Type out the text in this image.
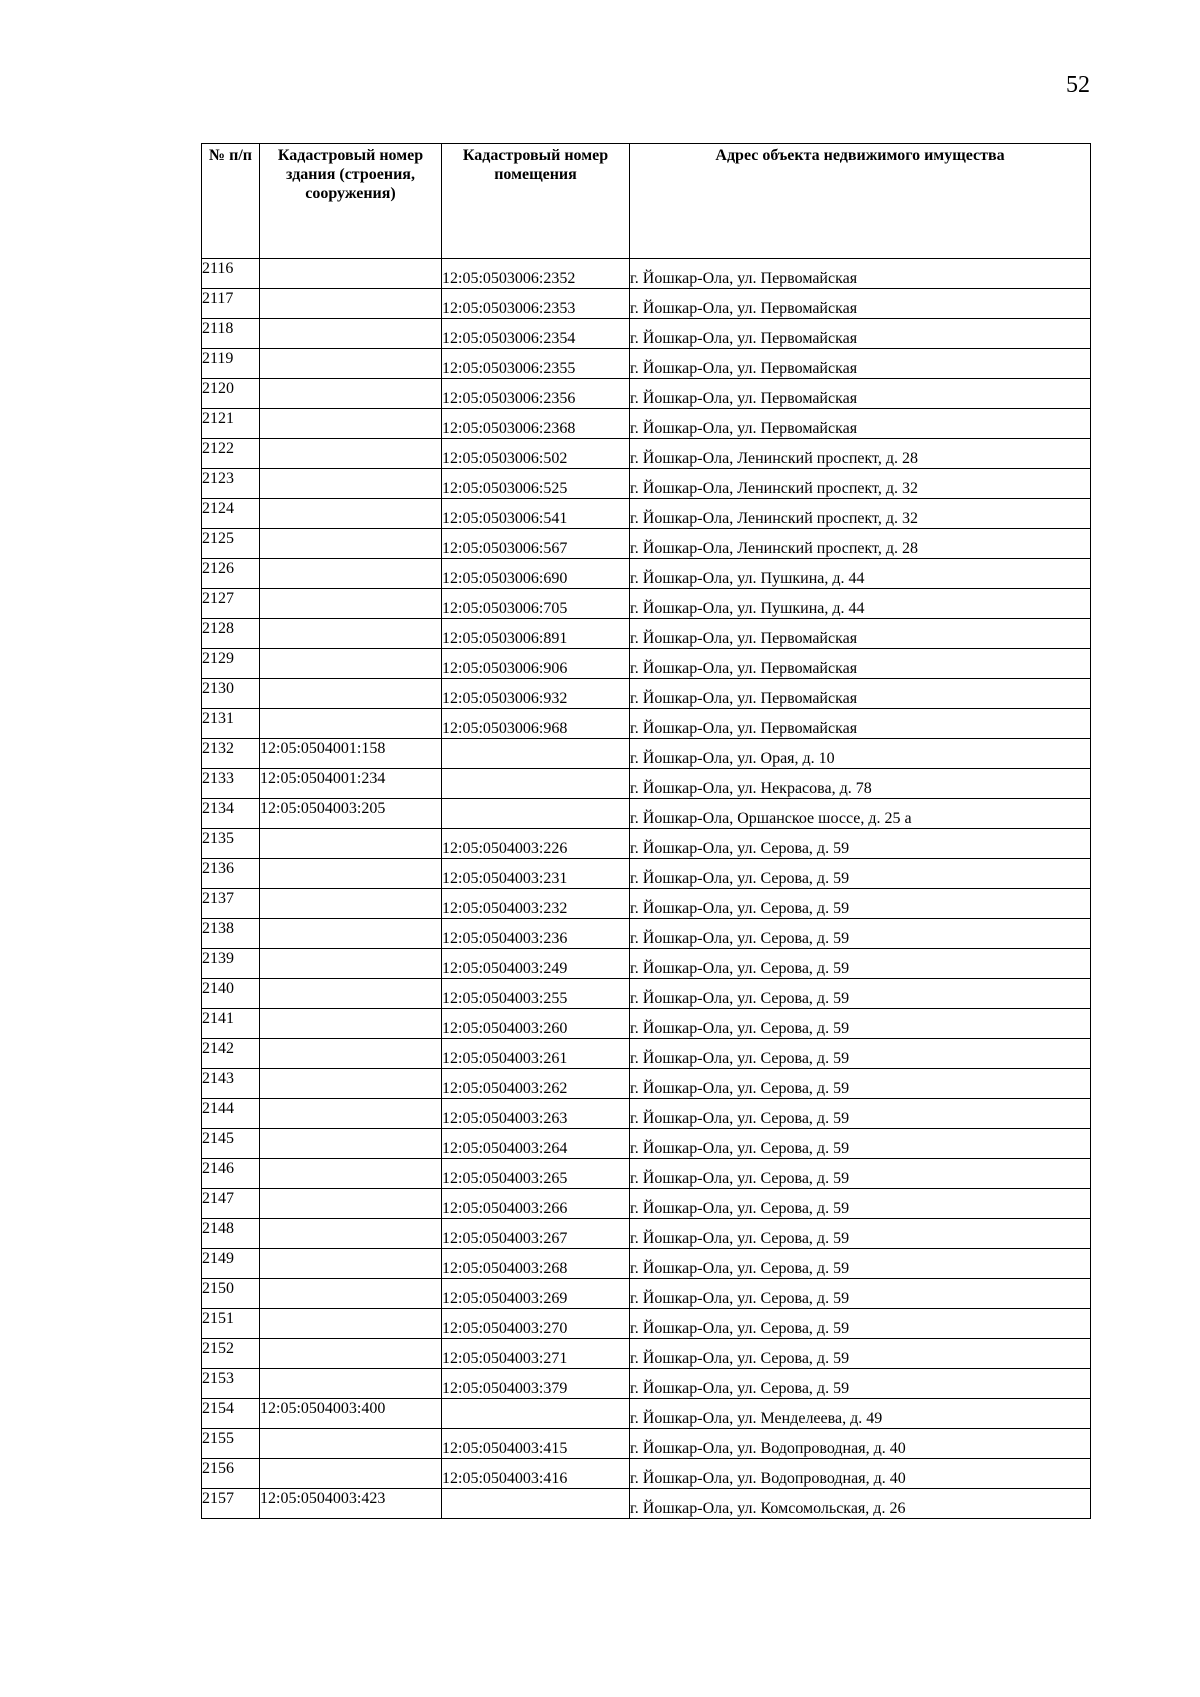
52
№ п/п	Кадастровый номер здания (строения, сооружения)	Кадастровый номер помещения	Адрес объекта недвижимого имущества
2116		12:05:0503006:2352	г. Йошкар-Ола, ул. Первомайская
2117		12:05:0503006:2353	г. Йошкар-Ола, ул. Первомайская
2118		12:05:0503006:2354	г. Йошкар-Ола, ул. Первомайская
2119		12:05:0503006:2355	г. Йошкар-Ола, ул. Первомайская
2120		12:05:0503006:2356	г. Йошкар-Ола, ул. Первомайская
2121		12:05:0503006:2368	г. Йошкар-Ола, ул. Первомайская
2122		12:05:0503006:502	г. Йошкар-Ола, Ленинский проспект, д. 28
2123		12:05:0503006:525	г. Йошкар-Ола, Ленинский проспект, д. 32
2124		12:05:0503006:541	г. Йошкар-Ола, Ленинский проспект, д. 32
2125		12:05:0503006:567	г. Йошкар-Ола, Ленинский проспект, д. 28
2126		12:05:0503006:690	г. Йошкар-Ола, ул. Пушкина, д. 44
2127		12:05:0503006:705	г. Йошкар-Ола, ул. Пушкина, д. 44
2128		12:05:0503006:891	г. Йошкар-Ола, ул. Первомайская
2129		12:05:0503006:906	г. Йошкар-Ола, ул. Первомайская
2130		12:05:0503006:932	г. Йошкар-Ола, ул. Первомайская
2131		12:05:0503006:968	г. Йошкар-Ола, ул. Первомайская
2132	12:05:0504001:158		г. Йошкар-Ола, ул. Орая, д. 10
2133	12:05:0504001:234		г. Йошкар-Ола, ул. Некрасова, д. 78
2134	12:05:0504003:205		г. Йошкар-Ола, Оршанское шоссе, д. 25 а
2135		12:05:0504003:226	г. Йошкар-Ола, ул. Серова, д. 59
2136		12:05:0504003:231	г. Йошкар-Ола, ул. Серова, д. 59
2137		12:05:0504003:232	г. Йошкар-Ола, ул. Серова, д. 59
2138		12:05:0504003:236	г. Йошкар-Ола, ул. Серова, д. 59
2139		12:05:0504003:249	г. Йошкар-Ола, ул. Серова, д. 59
2140		12:05:0504003:255	г. Йошкар-Ола, ул. Серова, д. 59
2141		12:05:0504003:260	г. Йошкар-Ола, ул. Серова, д. 59
2142		12:05:0504003:261	г. Йошкар-Ола, ул. Серова, д. 59
2143		12:05:0504003:262	г. Йошкар-Ола, ул. Серова, д. 59
2144		12:05:0504003:263	г. Йошкар-Ола, ул. Серова, д. 59
2145		12:05:0504003:264	г. Йошкар-Ола, ул. Серова, д. 59
2146		12:05:0504003:265	г. Йошкар-Ола, ул. Серова, д. 59
2147		12:05:0504003:266	г. Йошкар-Ола, ул. Серова, д. 59
2148		12:05:0504003:267	г. Йошкар-Ола, ул. Серова, д. 59
2149		12:05:0504003:268	г. Йошкар-Ола, ул. Серова, д. 59
2150		12:05:0504003:269	г. Йошкар-Ола, ул. Серова, д. 59
2151		12:05:0504003:270	г. Йошкар-Ола, ул. Серова, д. 59
2152		12:05:0504003:271	г. Йошкар-Ола, ул. Серова, д. 59
2153		12:05:0504003:379	г. Йошкар-Ола, ул. Серова, д. 59
2154	12:05:0504003:400		г. Йошкар-Ола, ул. Менделеева, д. 49
2155		12:05:0504003:415	г. Йошкар-Ола, ул. Водопроводная, д. 40
2156		12:05:0504003:416	г. Йошкар-Ола, ул. Водопроводная, д. 40
2157	12:05:0504003:423		г. Йошкар-Ола, ул. Комсомольская, д. 26
